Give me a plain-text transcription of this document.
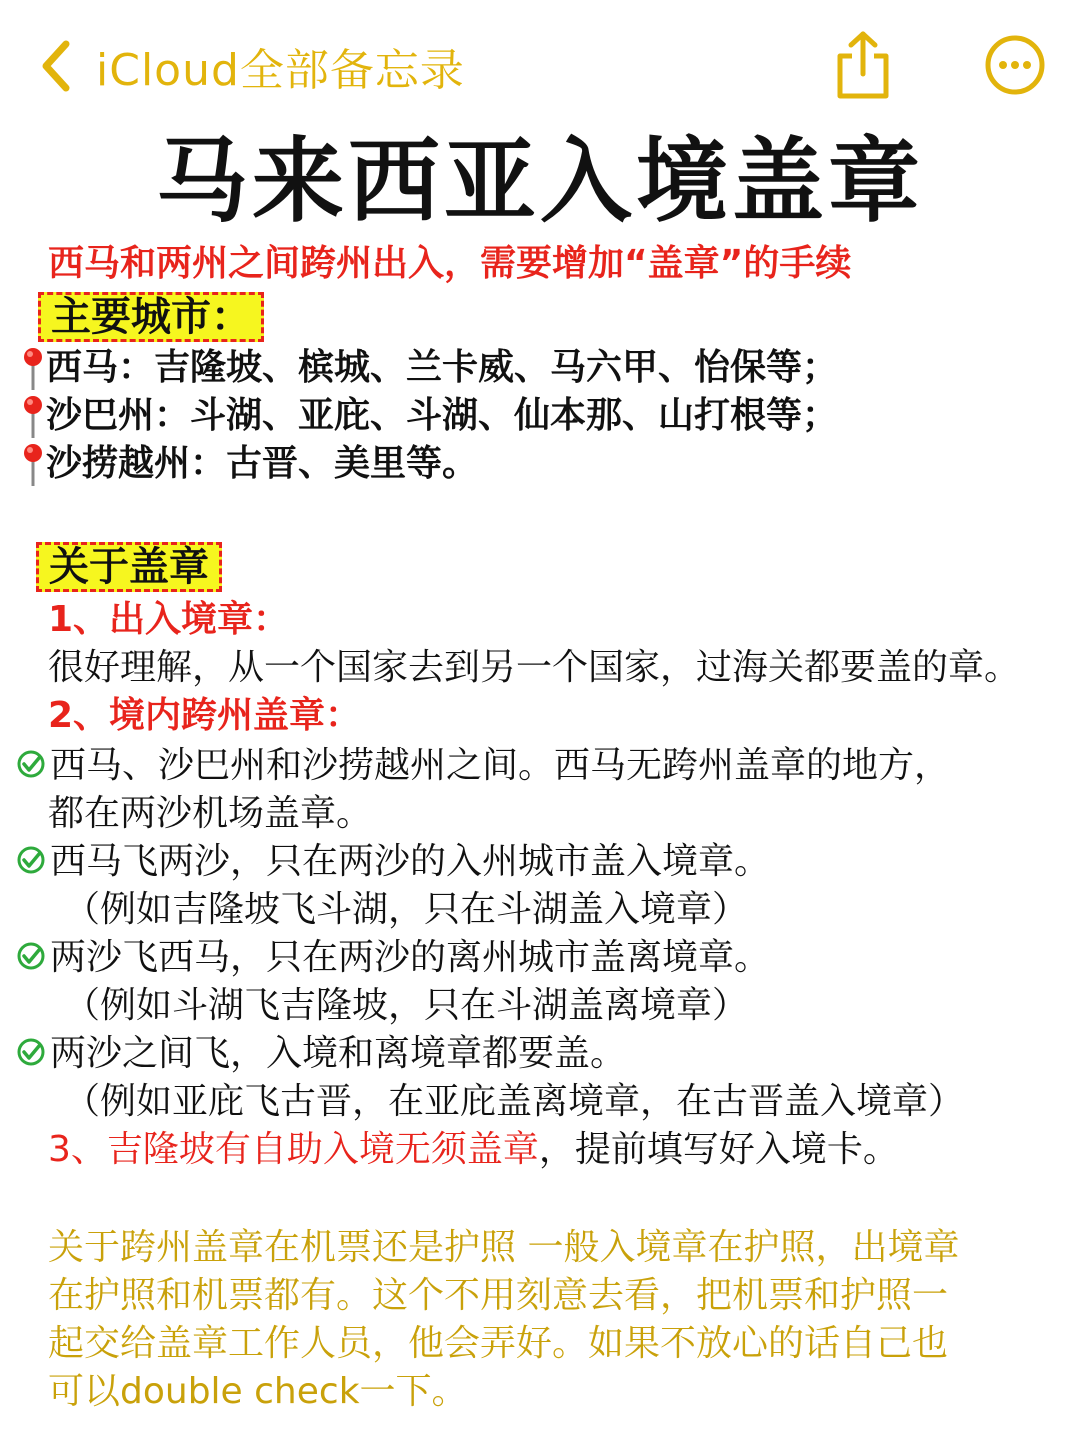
iCloud全部备忘录
马来西亚入境盖章
西马和两州之间跨州出入，需要增加“盖章”的手续
主要城市：
西马：吉隆坡、槟城、兰卡威、马六甲、怡保等；
沙巴州：斗湖、亚庇、斗湖、仙本那、山打根等；
沙捞越州：古晋、美里等。
关于盖章
1、出入境章：
很好理解，从一个国家去到另一个国家，过海关都要盖的章。
2、境内跨州盖章：
西马、沙巴州和沙捞越州之间。西马无跨州盖章的地方，
都在两沙机场盖章。
西马飞两沙，只在两沙的入州城市盖入境章。
（例如吉隆坡飞斗湖，只在斗湖盖入境章）
两沙飞西马，只在两沙的离州城市盖离境章。
（例如斗湖飞吉隆坡，只在斗湖盖离境章）
两沙之间飞，入境和离境章都要盖。
（例如亚庇飞古晋，在亚庇盖离境章，在古晋盖入境章）
3、吉隆坡有自助入境无须盖章，提前填写好入境卡。
关于跨州盖章在机票还是护照 一般入境章在护照，出境章
在护照和机票都有。这个不用刻意去看，把机票和护照一
起交给盖章工作人员，他会弄好。如果不放心的话自己也
可以double check一下。
